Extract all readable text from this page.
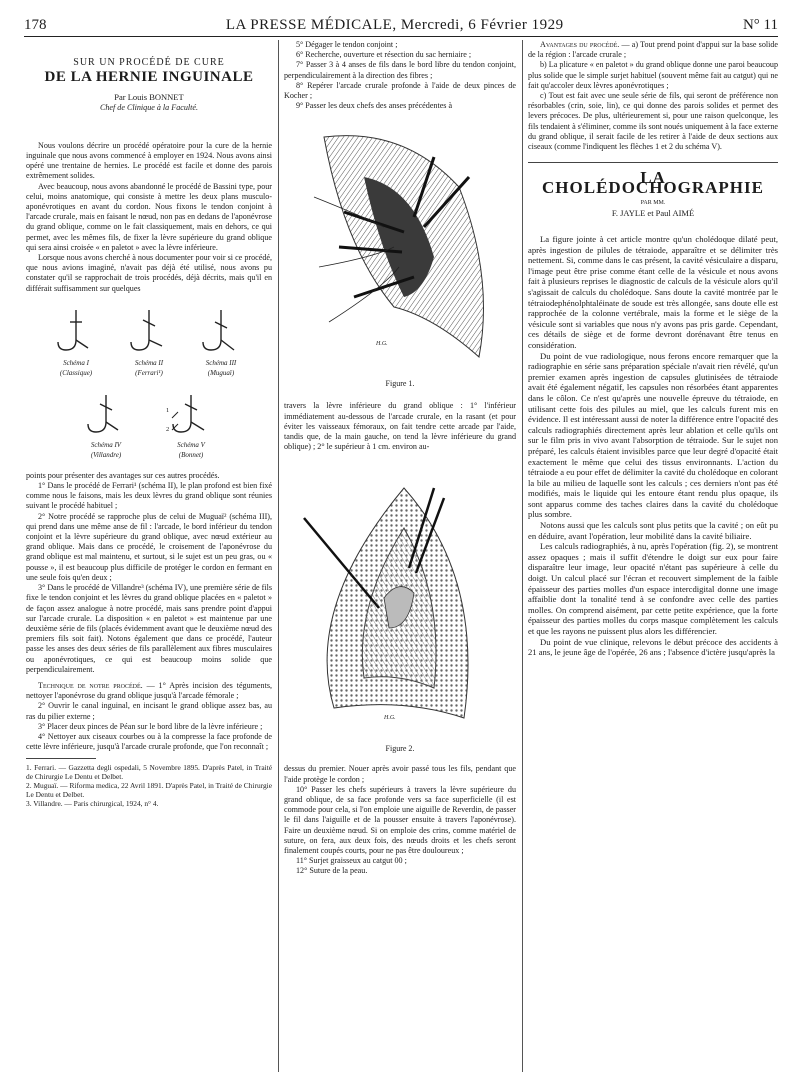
178	LA PRESSE MÉDICALE, Mercredi, 6 Février 1929	N° 11
SUR UN PROCÉDÉ DE CURE
DE LA HERNIE INGUINALE
Par Louis BONNET
Chef de Clinique à la Faculté.

Nous voulons décrire un procédé opératoire pour la cure de la hernie inguinale que nous avons commencé à employer en 1924. Nous avons ainsi opéré une trentaine de hernies. Le procédé est facile et donne des parois extrêmement solides.

Avec beaucoup, nous avons abandonné le procédé de Bassini type, pour celui, moins anatomique, qui consiste à mettre les deux plans musculo-aponévrotiques en avant du cordon. Nous fixons le tendon conjoint à l'arcade crurale, mais en faisant le nœud, non pas en dedans de l'aponévrose du grand oblique, comme on le fait classiquement, mais en dehors, ce qui permet, avec les mêmes fils, de fixer la lèvre supérieure du grand oblique qui sera ainsi croisée « en paletot » avec la lèvre inférieure.

Lorsque nous avons cherché à nous documenter pour voir si ce procédé, que nous avions imaginé, n'avait pas déjà été utilisé, nous avons pu constater qu'il se rapprochait de trois procédés, déjà décrits, mais qu'il en différait suffisamment sur quelques

Schéma I
(Classique)
Schéma II
(Ferrari¹)
Schéma III
(Muguaï)
Schéma IV
(Villandre)
Schéma V
(Bonnet)
1
2

points pour présenter des avantages sur ces autres procédés.

1° Dans le procédé de Ferrari¹ (schéma II), le plan profond est bien fixé comme nous le faisons, mais les deux lèvres du grand oblique sont réunies suivant le procédé habituel ;

2° Notre procédé se rapproche plus de celui de Muguaï² (schéma III), qui prend dans une même anse de fil : l'arcade, le bord inférieur du tendon conjoint et la lèvre supérieure du grand oblique, avec nœud extérieur au grand oblique. Mais dans ce procédé, le croisement de l'aponévrose du grand oblique est mal maintenu, et surtout, si le sujet est un peu gras, ou « pousse », il est beaucoup plus difficile de protéger le cordon en fermant en une seule fois qu'en deux ;

3° Dans le procédé de Villandre³ (schéma IV), une première série de fils fixe le tendon conjoint et les lèvres du grand oblique placées en « paletot » de façon assez analogue à notre procédé, mais sans prendre point d'appui sur l'arcade crurale. La disposition « en paletot » est maintenue par une deuxième série de fils (placés évidemment avant que le deuxième nœud des premiers fils soit fait). Notons également que dans ce procédé, l'auteur passe les anses des deux séries de fils parallèlement aux fibres musculaires ou aponévrotiques, ce qui est beaucoup moins solide que perpendiculairement.

Technique de notre procédé. — 1° Après incision des téguments, nettoyer l'aponévrose du grand oblique jusqu'à l'arcade fémorale ;

2° Ouvrir le canal inguinal, en incisant le grand oblique assez bas, au ras du pilier externe ;

3° Placer deux pinces de Péan sur le bord libre de la lèvre inférieure ;

4° Nettoyer aux ciseaux courbes ou à la compresse la face profonde de cette lèvre inférieure, jusqu'à l'arcade crurale profonde, que l'on reconnaît ;

1. Ferrari. — Gazzetta degli ospedali, 5 Novembre 1895. D'après Patel, in Traité de Chirurgie Le Dentu et Delbet.
2. Muguaï. — Riforma medica, 22 Avril 1891. D'après Patel, in Traité de Chirurgie Le Dentu et Delbet.
3. Villandre. — Paris chirurgical, 1924, n° 4.

5° Dégager le tendon conjoint ;

6° Recherche, ouverture et résection du sac herniaire ;

7° Passer 3 à 4 anses de fils dans le bord libre du tendon conjoint, perpendiculairement à la direction des fibres ;

8° Repérer l'arcade crurale profonde à l'aide de deux pinces de Kocher ;

9° Passer les deux chefs des anses précédentes à

H.G.
Figure 1.

travers la lèvre inférieure du grand oblique : 1° l'inférieur immédiatement au-dessous de l'arcade crurale, en la rasant (et pour éviter les vaisseaux fémoraux, on fait tendre cette arcade par l'aide, tandis que, de la main gauche, on tend la lèvre inférieure du grand oblique) ; 2° le supérieur à 1 cm. environ au-

H.G.
Figure 2.

dessus du premier. Nouer après avoir passé tous les fils, pendant que l'aide protège le cordon ;

10° Passer les chefs supérieurs à travers la lèvre supérieure du grand oblique, de sa face profonde vers sa face superficielle (il est commode pour cela, si l'on emploie une aiguille de Reverdin, de passer le fil dans l'aiguille et de la pousser ensuite à travers l'aponévrose). Faire un deuxième nœud. Si on emploie des crins, comme matériel de suture, on fera, aux deux fois, des nœuds droits et les chefs seront finalement coupés courts, pour ne pas être douloureux ;

11° Surjet graisseux au catgut 00 ;

12° Suture de la peau.

Avantages du procédé. — a) Tout prend point d'appui sur la base solide de la région : l'arcade crurale ;

b) La plicature « en paletot » du grand oblique donne une paroi beaucoup plus solide que le simple surjet habituel (souvent même fait au catgut) qui ne fait qu'accoler deux lèvres aponévrotiques ;

c) Tout est fait avec une seule série de fils, qui seront de préférence non résorbables (crin, soie, lin), ce qui donne des parois solides et permet des levers précoces. De plus, ultérieurement si, pour une raison quelconque, les fils tendaient à s'éliminer, comme ils sont noués uniquement à la face externe du grand oblique, il serait facile de les retirer à l'aide de deux sections aux ciseaux (comme l'indiquent les flèches 1 et 2 du schéma V).

LA CHOLÉDOCHOGRAPHIE
PAR MM.
F. JAYLE et Paul AIMÉ

La figure jointe à cet article montre qu'un cholédoque dilaté peut, après ingestion de pilules de tétraiode, apparaître et se délimiter très nettement. Si, comme dans le cas présent, la cavité vésiculaire a disparu, l'image peut être prise comme étant celle de la vésicule et nous avons fait à plusieurs reprises le diagnostic de calculs de la vésicule alors qu'il s'agissait de calculs du cholédoque. Sans doute la cavité montrée par le tétraiodephénolphtaléinate de soude est très allongée, sans doute elle est rapprochée de la colonne vertébrale, mais la forme et le siège de la vésicule sont si variables que nous n'y avons pas pris garde. Cependant, ces détails de siège et de forme devront dorénavant être tenus en considération.

Du point de vue radiologique, nous ferons encore remarquer que la radiographie en série sans préparation spéciale n'avait rien révélé, qu'un premier examen après ingestion de capsules glutinisées de tétraiode avait été également négatif, les capsules non résorbées étant apparentes dans le côlon. Ce n'est qu'après une nouvelle épreuve du tétraiode, en utilisant cette fois des pilules au miel, que les calculs furent mis en évidence. Il est intéressant aussi de noter la différence entre l'opacité des calculs radiographiés directement après leur ablation et celle qu'ils ont sur le film pris in vivo avant l'absorption de tétraiode. Sur le sujet non préparé, les calculs étaient invisibles parce que leur degré d'opacité était exactement le même que celui des tissus environnants. L'action du tétraiode a eu pour effet de délimiter la cavité du cholédoque en colorant la bile au milieu de laquelle sont les calculs ; ces derniers n'ont pas été modifiés, mais le liquide qui les entoure étant rendu plus opaque, ils sont apparus comme des taches claires dans la cavité du cholédoque plus sombre.

Notons aussi que les calculs sont plus petits que la cavité ; on eût pu en déduire, avant l'opération, leur mobilité dans la cavité biliaire.

Les calculs radiographiés, à nu, après l'opération (fig. 2), se montrent assez opaques ; mais il suffit d'étendre le doigt sur eux pour faire disparaître leur image, leur opacité n'étant pas supérieure à celle du doigt. Un calcul placé sur l'écran et recouvert simplement de la faible épaisseur des parties molles d'un espace intercdigital donne une image affaiblie dont la tonalité tend à se confondre avec celle des parties molles. On comprend aisément, par cette petite expérience, que la forte épaisseur des parties molles du corps masque complètement les calculs et que les rayons ne puissent plus alors les différencier.

Du point de vue clinique, relevons le début précoce des accidents à 21 ans, le jeune âge de l'opérée, 26 ans ; l'absence d'ictère jusqu'après la
